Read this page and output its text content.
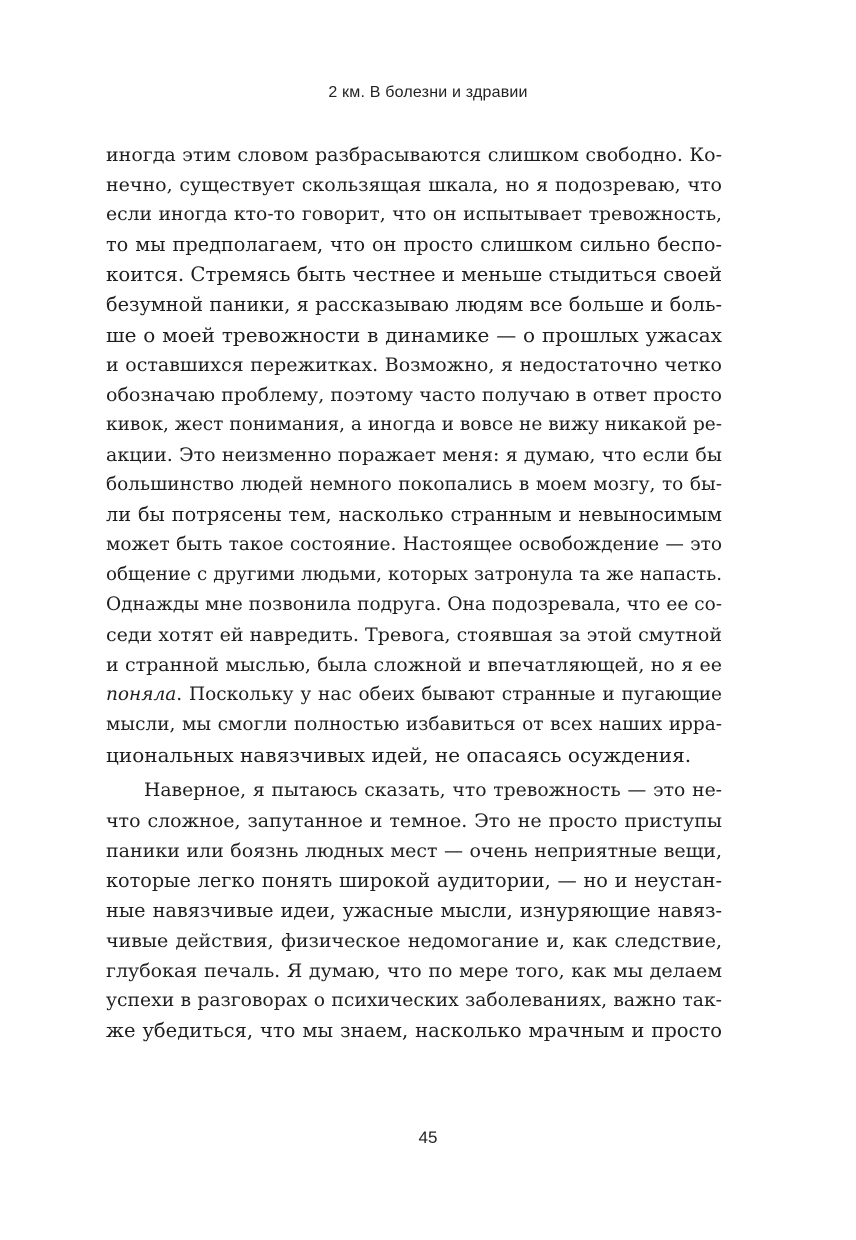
2 км. В болезни и здравии
иногда этим словом разбрасываются слишком свободно. Ко-
нечно, существует скользящая шкала, но я подозреваю, что
если иногда кто-то говорит, что он испытывает тревожность,
то мы предполагаем, что он просто слишком сильно беспо-
коится. Стремясь быть честнее и меньше стыдиться своей
безумной паники, я рассказываю людям все больше и боль-
ше о моей тревожности в динамике — о прошлых ужасах
и оставшихся пережитках. Возможно, я недостаточно четко
обозначаю проблему, поэтому часто получаю в ответ просто
кивок, жест понимания, а иногда и вовсе не вижу никакой ре-
акции. Это неизменно поражает меня: я думаю, что если бы
большинство людей немного покопались в моем мозгу, то бы-
ли бы потрясены тем, насколько странным и невыносимым
может быть такое состояние. Настоящее освобождение — это
общение с другими людьми, которых затронула та же напасть.
Однажды мне позвонила подруга. Она подозревала, что ее со-
седи хотят ей навредить. Тревога, стоявшая за этой смутной
и странной мыслью, была сложной и впечатляющей, но я ее
поняла. Поскольку у нас обеих бывают странные и пугающие
мысли, мы смогли полностью избавиться от всех наших ирра-
циональных навязчивых идей, не опасаясь осуждения.
Наверное, я пытаюсь сказать, что тревожность — это не-
что сложное, запутанное и темное. Это не просто приступы
паники или боязнь людных мест — очень неприятные вещи,
которые легко понять широкой аудитории, — но и неустан-
ные навязчивые идеи, ужасные мысли, изнуряющие навяз-
чивые действия, физическое недомогание и, как следствие,
глубокая печаль. Я думаю, что по мере того, как мы делаем
успехи в разговорах о психических заболеваниях, важно так-
же убедиться, что мы знаем, насколько мрачным и просто
45
